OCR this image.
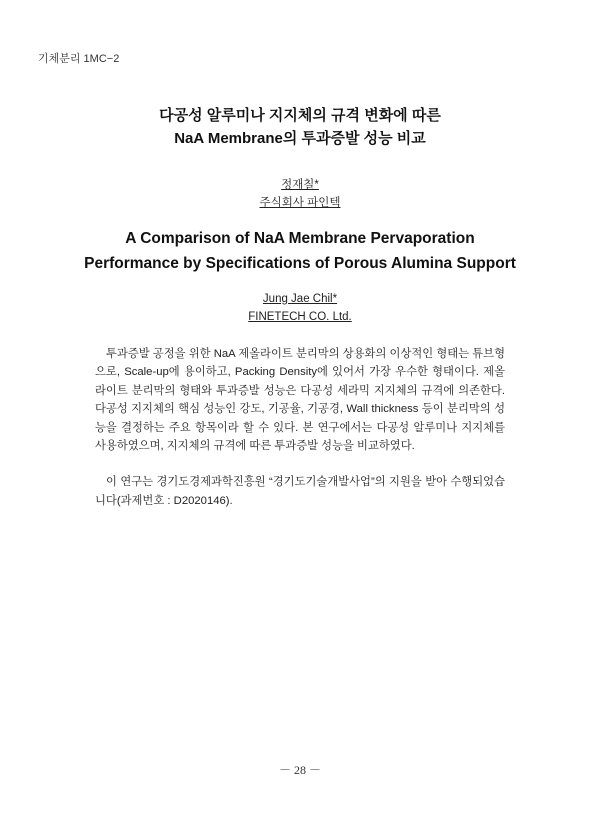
기체분리 1MC−2
다공성 알루미나 지지체의 규격 변화에 따른
NaA Membrane의 투과증발 성능 비교
정재칠*
주식회사 파인텍
A Comparison of NaA Membrane Pervaporation
Performance by Specifications of Porous Alumina Support
Jung Jae Chil*
FINETECH CO. Ltd.

투과증발 공정을 위한 NaA 제올라이트 분리막의 상용화의 이상적인 형태는 튜브형으로, Scale-up에 용이하고, Packing Density에 있어서 가장 우수한 형태이다. 제올라이트 분리막의 형태와 투과증발 성능은 다공성 세라믹 지지체의 규격에 의존한다. 다공성 지지체의 핵심 성능인 강도, 기공율, 기공경, Wall thickness 등이 분리막의 성능을 결정하는 주요 항목이라 할 수 있다. 본 연구에서는 다공성 알루미나 지지체를 사용하였으며, 지지체의 규격에 따른 투과증발 성능을 비교하였다.

이 연구는 경기도경제과학진흥원 “경기도기술개발사업”의 지원을 받아 수행되었습니다(과제번호 : D2020146).

－ 28 －
